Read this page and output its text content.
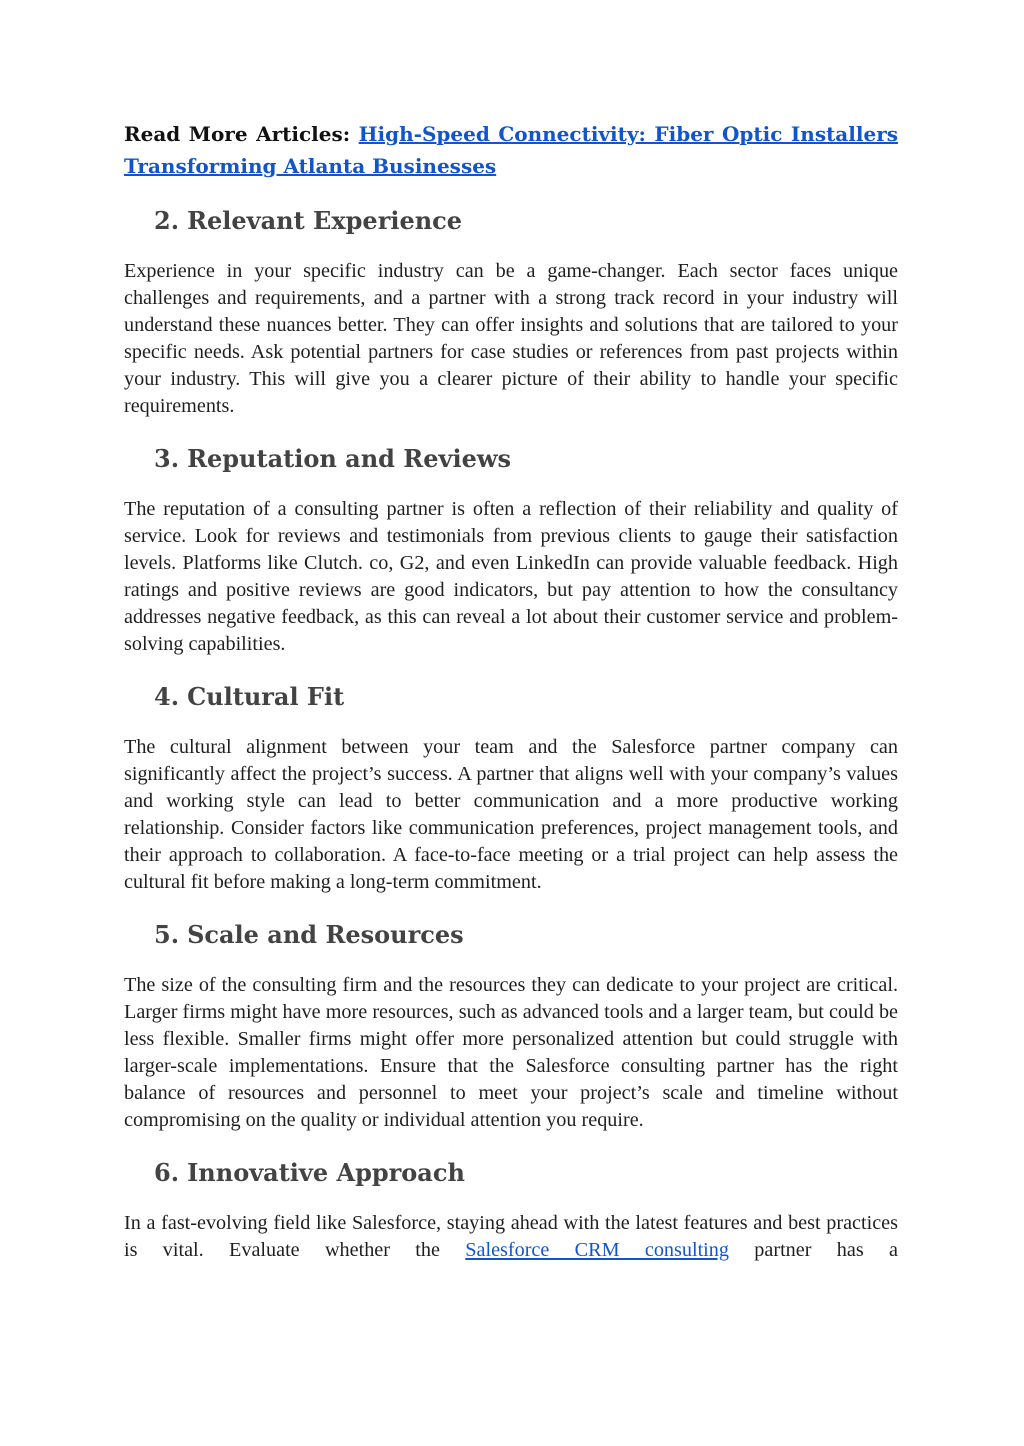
Read More Articles: High-Speed Connectivity: Fiber Optic Installers Transforming Atlanta Businesses

2. Relevant Experience

Experience in your specific industry can be a game-changer. Each sector faces unique challenges and requirements, and a partner with a strong track record in your industry will understand these nuances better. They can offer insights and solutions that are tailored to your specific needs. Ask potential partners for case studies or references from past projects within your industry. This will give you a clearer picture of their ability to handle your specific requirements.

3. Reputation and Reviews

The reputation of a consulting partner is often a reflection of their reliability and quality of service. Look for reviews and testimonials from previous clients to gauge their satisfaction levels. Platforms like Clutch. co, G2, and even LinkedIn can provide valuable feedback. High ratings and positive reviews are good indicators, but pay attention to how the consultancy addresses negative feedback, as this can reveal a lot about their customer service and problem-solving capabilities.

4. Cultural Fit

The cultural alignment between your team and the Salesforce partner company can significantly affect the project’s success. A partner that aligns well with your company’s values and working style can lead to better communication and a more productive working relationship. Consider factors like communication preferences, project management tools, and their approach to collaboration. A face-to-face meeting or a trial project can help assess the cultural fit before making a long-term commitment.

5. Scale and Resources

The size of the consulting firm and the resources they can dedicate to your project are critical. Larger firms might have more resources, such as advanced tools and a larger team, but could be less flexible. Smaller firms might offer more personalized attention but could struggle with larger-scale implementations. Ensure that the Salesforce consulting partner has the right balance of resources and personnel to meet your project’s scale and timeline without compromising on the quality or individual attention you require.

6. Innovative Approach

In a fast-evolving field like Salesforce, staying ahead with the latest features and best practices is vital. Evaluate whether the Salesforce CRM consulting partner has a
